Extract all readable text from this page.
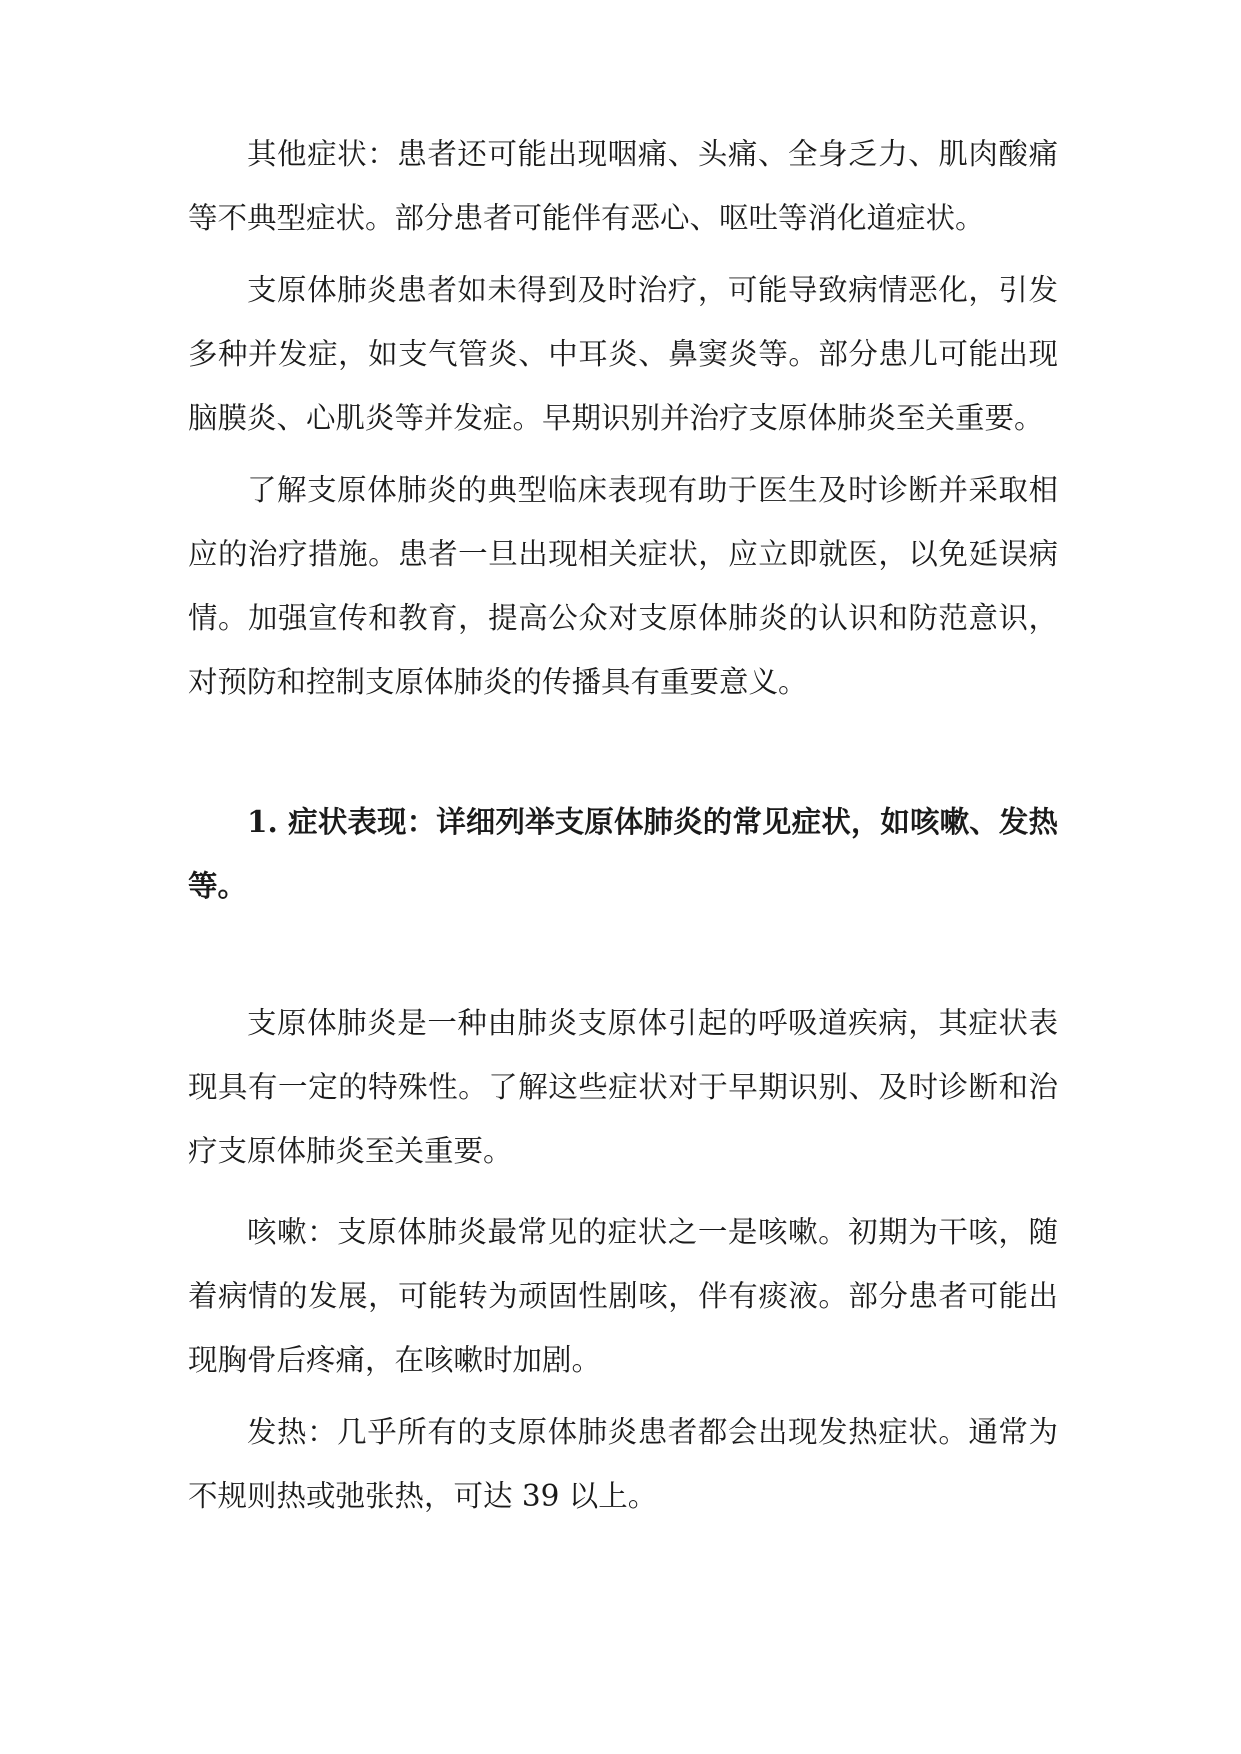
其他症状：患者还可能出现咽痛、头痛、全身乏力、肌肉酸痛等不典型症状。部分患者可能伴有恶心、呕吐等消化道症状。

支原体肺炎患者如未得到及时治疗，可能导致病情恶化，引发多种并发症，如支气管炎、中耳炎、鼻窦炎等。部分患儿可能出现脑膜炎、心肌炎等并发症。早期识别并治疗支原体肺炎至关重要。

了解支原体肺炎的典型临床表现有助于医生及时诊断并采取相应的治疗措施。患者一旦出现相关症状，应立即就医，以免延误病情。加强宣传和教育，提高公众对支原体肺炎的认识和防范意识，对预防和控制支原体肺炎的传播具有重要意义。

1. 症状表现：详细列举支原体肺炎的常见症状，如咳嗽、发热等。

支原体肺炎是一种由肺炎支原体引起的呼吸道疾病，其症状表现具有一定的特殊性。了解这些症状对于早期识别、及时诊断和治疗支原体肺炎至关重要。

咳嗽：支原体肺炎最常见的症状之一是咳嗽。初期为干咳，随着病情的发展，可能转为顽固性剧咳，伴有痰液。部分患者可能出现胸骨后疼痛，在咳嗽时加剧。

发热：几乎所有的支原体肺炎患者都会出现发热症状。通常为不规则热或弛张热，可达 39 以上。
